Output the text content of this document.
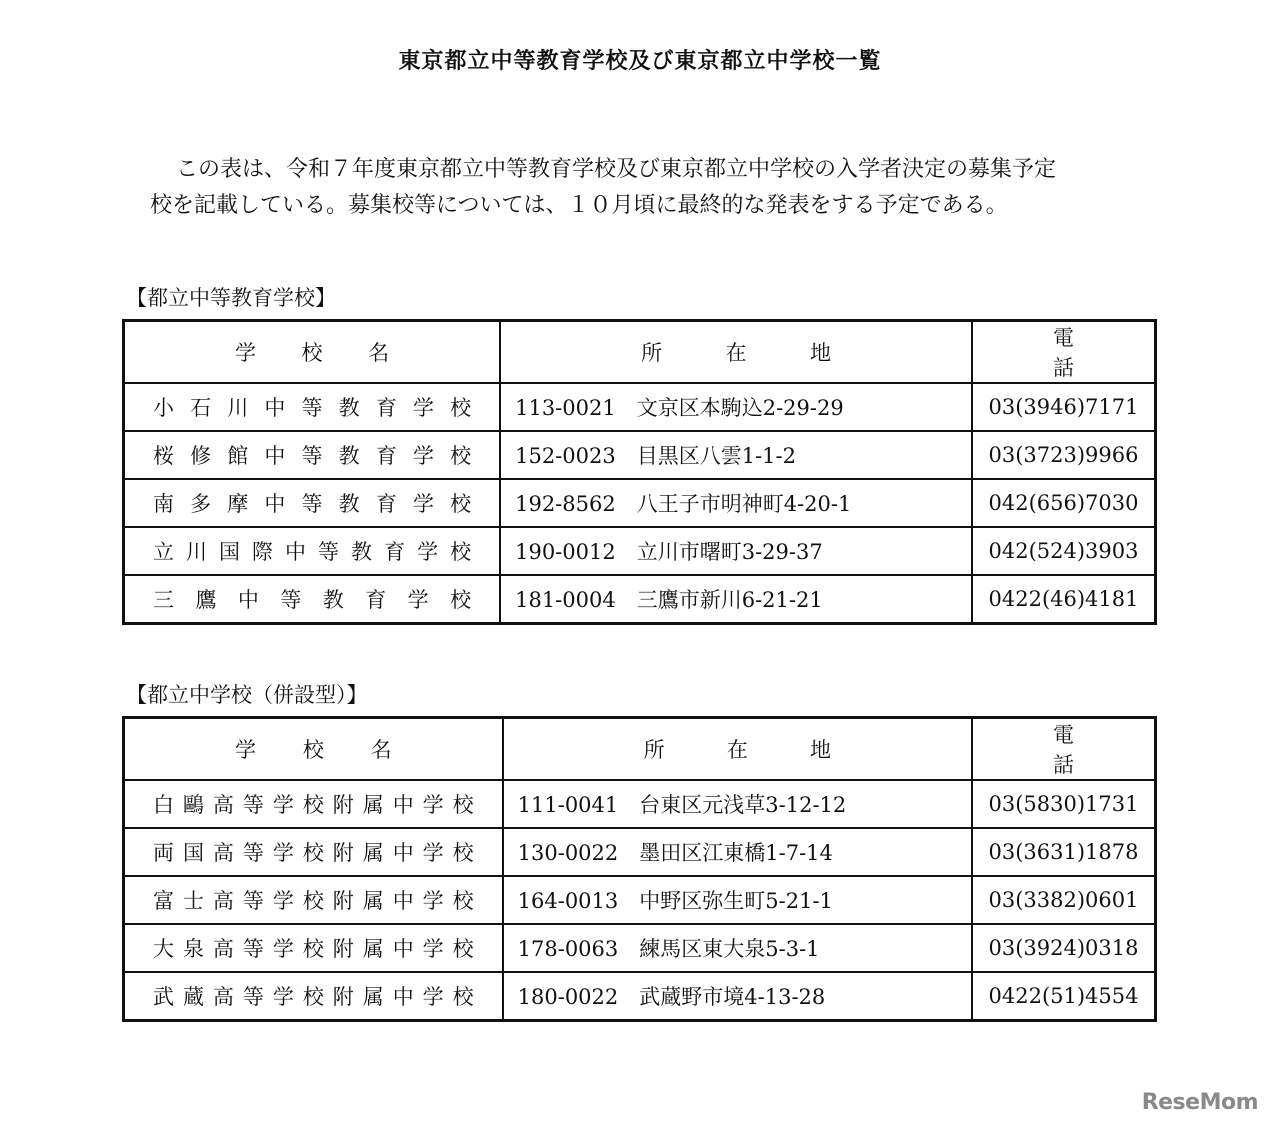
東京都立中等教育学校及び東京都立中学校一覧

この表は、令和７年度東京都立中等教育学校及び東京都立中学校の入学者決定の募集予定

校を記載している。募集校等については、１０月頃に最終的な発表をする予定である。

【都立中等教育学校】
学校名	所在地	電話
小石川中等教育学校	113-0021　文京区本駒込2-29-29	03(3946)7171
桜修館中等教育学校	152-0023　目黒区八雲1-1-2	03(3723)9966
南多摩中等教育学校	192-8562　八王子市明神町4-20-1	042(656)7030
立川国際中等教育学校	190-0012　立川市曙町3-29-37	042(524)3903
三鷹中等教育学校	181-0004　三鷹市新川6-21-21	0422(46)4181
【都立中学校（併設型）】
学校名	所在地	電話
白鷗高等学校附属中学校	111-0041　台東区元浅草3-12-12	03(5830)1731
両国高等学校附属中学校	130-0022　墨田区江東橋1-7-14	03(3631)1878
富士高等学校附属中学校	164-0013　中野区弥生町5-21-1	03(3382)0601
大泉高等学校附属中学校	178-0063　練馬区東大泉5-3-1	03(3924)0318
武蔵高等学校附属中学校	180-0022　武蔵野市境4-13-28	0422(51)4554
ReseMom
